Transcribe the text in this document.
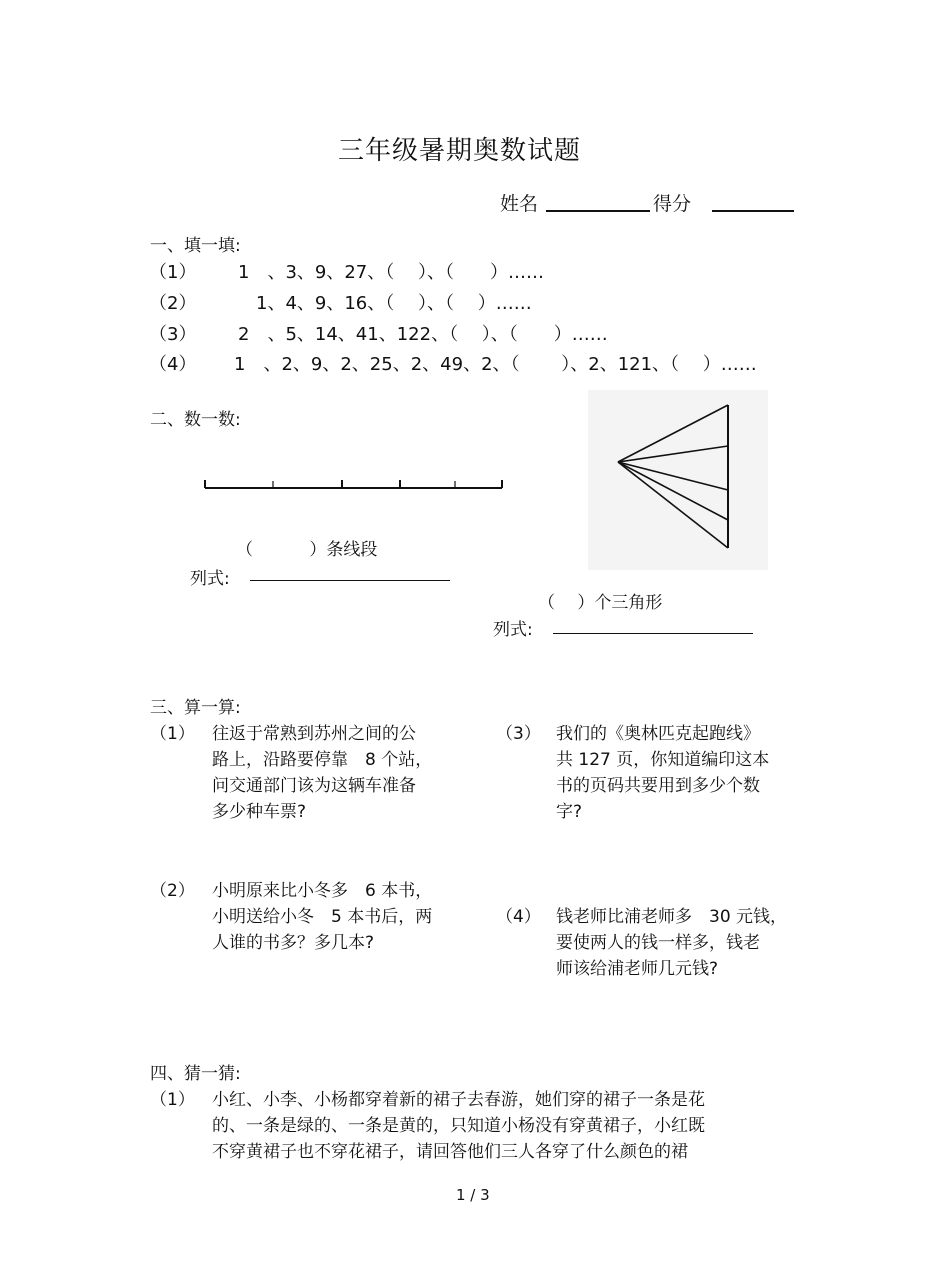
三年级暑期奥数试题
姓名	得分
一、填一填:
（1） 1　、3、9、27、（　 ）、（　　）……
（2）	1、4、9、16、（　 ）、（　 ）……
（3） 2　、5、14、41、122、（　 ）、（　　）……
（4） 1　、2、9、2、25、2、49、2、（　　 ）、2、121、（　 ）……
二、数一数:
（　　　 ）条线段
列式:
（　 ）个三角形
列式:
三、算一算:
（1） 往返于常熟到苏州之间的公
路上，沿路要停靠　8 个站，
问交通部门该为这辆车准备
多少种车票?
（3） 我们的《奥林匹克起跑线》
共 127 页，你知道编印这本
书的页码共要用到多少个数
字?
（2） 小明原来比小冬多　6 本书，
小明送给小冬　5 本书后，两
人谁的书多？多几本?
（4） 钱老师比浦老师多　30 元钱，
要使两人的钱一样多，钱老
师该给浦老师几元钱?
四、猜一猜:
（1） 小红、小李、小杨都穿着新的裙子去春游，她们穿的裙子一条是花
的、一条是绿的、一条是黄的，只知道小杨没有穿黄裙子，小红既
不穿黄裙子也不穿花裙子，请回答他们三人各穿了什么颜色的裙
1 / 3
